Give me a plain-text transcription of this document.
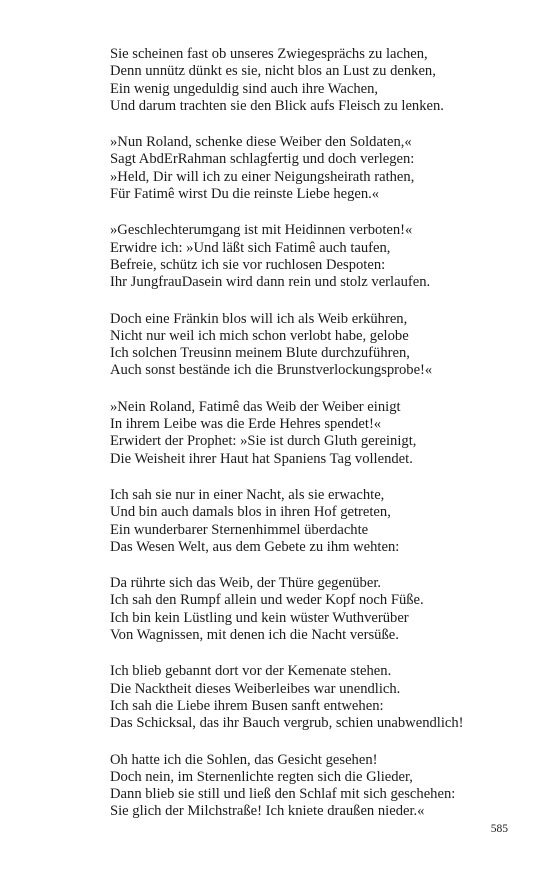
Sie scheinen fast ob unseres Zwiegesprächs zu lachen,
Denn unnütz dünkt es sie, nicht blos an Lust zu denken,
Ein wenig ungeduldig sind auch ihre Wachen,
Und darum trachten sie den Blick aufs Fleisch zu lenken.
»Nun Roland, schenke diese Weiber den Soldaten,«
Sagt AbdErRahman schlagfertig und doch verlegen:
»Held, Dir will ich zu einer Neigungsheirath rathen,
Für Fatimê wirst Du die reinste Liebe hegen.«
»Geschlechterumgang ist mit Heidinnen verboten!«
Erwidre ich: »Und läßt sich Fatimê auch taufen,
Befreie, schütz ich sie vor ruchlosen Despoten:
Ihr JungfrauDasein wird dann rein und stolz verlaufen.
Doch eine Fränkin blos will ich als Weib erkühren,
Nicht nur weil ich mich schon verlobt habe, gelobe
Ich solchen Treusinn meinem Blute durchzuführen,
Auch sonst bestände ich die Brunstverlockungsprobe!«
»Nein Roland, Fatimê das Weib der Weiber einigt
In ihrem Leibe was die Erde Hehres spendet!«
Erwidert der Prophet: »Sie ist durch Gluth gereinigt,
Die Weisheit ihrer Haut hat Spaniens Tag vollendet.
Ich sah sie nur in einer Nacht, als sie erwachte,
Und bin auch damals blos in ihren Hof getreten,
Ein wunderbarer Sternenhimmel überdachte
Das Wesen Welt, aus dem Gebete zu ihm wehten:
Da rührte sich das Weib, der Thüre gegenüber.
Ich sah den Rumpf allein und weder Kopf noch Füße.
Ich bin kein Lüstling und kein wüster Wuthverüber
Von Wagnissen, mit denen ich die Nacht versüße.
Ich blieb gebannt dort vor der Kemenate stehen.
Die Nacktheit dieses Weiberleibes war unendlich.
Ich sah die Liebe ihrem Busen sanft entwehen:
Das Schicksal, das ihr Bauch vergrub, schien unabwendlich!
Oh hatte ich die Sohlen, das Gesicht gesehen!
Doch nein, im Sternenlichte regten sich die Glieder,
Dann blieb sie still und ließ den Schlaf mit sich geschehen:
Sie glich der Milchstraße! Ich kniete draußen nieder.«
585
